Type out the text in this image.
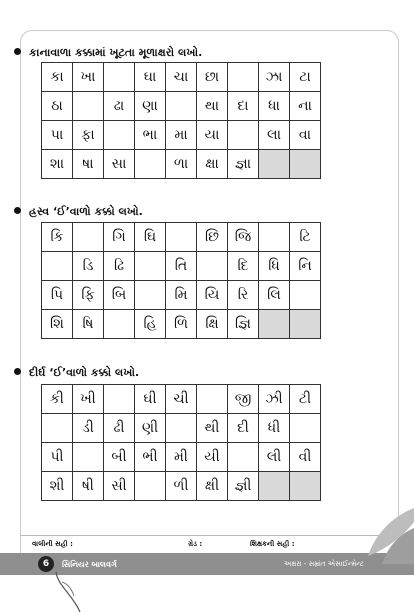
કાનાવાળા કક્કામાં ખૂટતા મૂળાક્ષરો લખો.
કા	ખા		ઘા	ચા	છા		ઝા	ટા
ઠા		ઢા	ણા		થા	દા	ધા	ના
પા	ફા		ભા	મા	યા		લા	વા
શા	ષા	સા		ળા	ક્ષા	જ્ઞા		
હ્રસ્વ ‘ઈ’વાળો કક્કો લખો.
કિ		ગિ	ઘિ		છિ	જિ		ટિ
	ડિ	ઢિ		તિ		દિ	ધિ	નિ
પિ	ફિ	બિ		મિ	યિ	રિ	લિ	
શિ	ષિ		હિ	ળિ	ક્ષિ	જ્ઞિ		
દીર્ઘ ‘ઈ’વાળો કક્કો લખો.
કી	ખી		ઘી	ચી		જી	ઝી	ટી
	ડી	ઢી	ણી		થી	દી	ધી	
પી		બી	ભી	મી	યી		લી	વી
શી	ષી	સી		ળી	ક્ષી	જ્ઞી		
વાલીની સહી :	ગ્રેડ :	શિક્ષકની સહી :
6	સિનિયર બાલવર્ગ	અક્ષરા - સમ્રાંત એસાઈન્મેન્ટ
